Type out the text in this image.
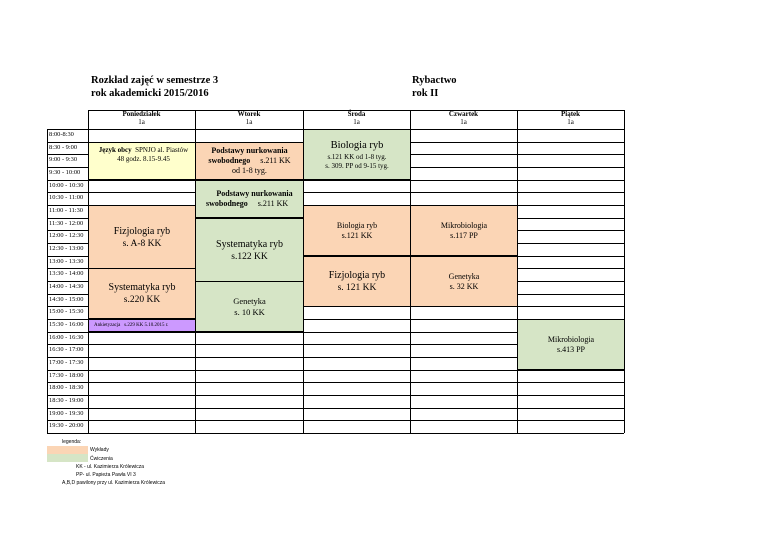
Rozkład zajęć w semestrze 3
rok akademicki 2015/2016
Rybactwo
rok II
Poniedziałek
1a
Wtorek
1a
Środa
1a
Czwartek
1a
Piątek
1a
8:00-8:30
8:30 - 9:00
9:00 - 9:30
9:30 - 10:00
10:00 - 10:30
10:30 - 11:00
11:00 - 11:30
11:30 - 12:00
12:00 - 12:30
12:30 - 13:00
13:00 - 13:30
13:30 - 14:00
14:00 - 14:30
14:30 - 15:00
15:00 - 15:30
15:30 - 16:00
16:00 - 16:30
16:30 - 17:00
17:00 - 17:30
17:30 - 18:00
18:00 - 18:30
18:30 - 19:00
19:00 - 19:30
19:30 - 20:00
Język obcy SPNJO al. Piastów
48 godz. 8.15-9.45
Fizjologia ryb
s. A-8 KK
Systematyka ryb
s.220 KK
Ankietyzacja
s.229 KK 5.10.2015 r.
Podstawy nurkowania
swobodnego s.211 KK
od 1-8 tyg.
Podstawy nurkowania
swobodnego s.211 KK
Systematyka ryb
s.122 KK
Genetyka
s. 10 KK
Biologia ryb
s.121 KK od 1-8 tyg.
s. 309. PP od 9-15 tyg.
Biologia ryb
s.121 KK
Fizjologia ryb
s. 121 KK
Mikrobiologia
s.117 PP
Genetyka
s. 32 KK
Mikrobiologia
s.413 PP
legenda:
Wykłady
Ćwiczenia
KK - ul. Kazimierza Królewicza
PP- ul. Papieża Pawła VI 3
A,B,D pawilony przy ul. Kazimierza Królewicza
